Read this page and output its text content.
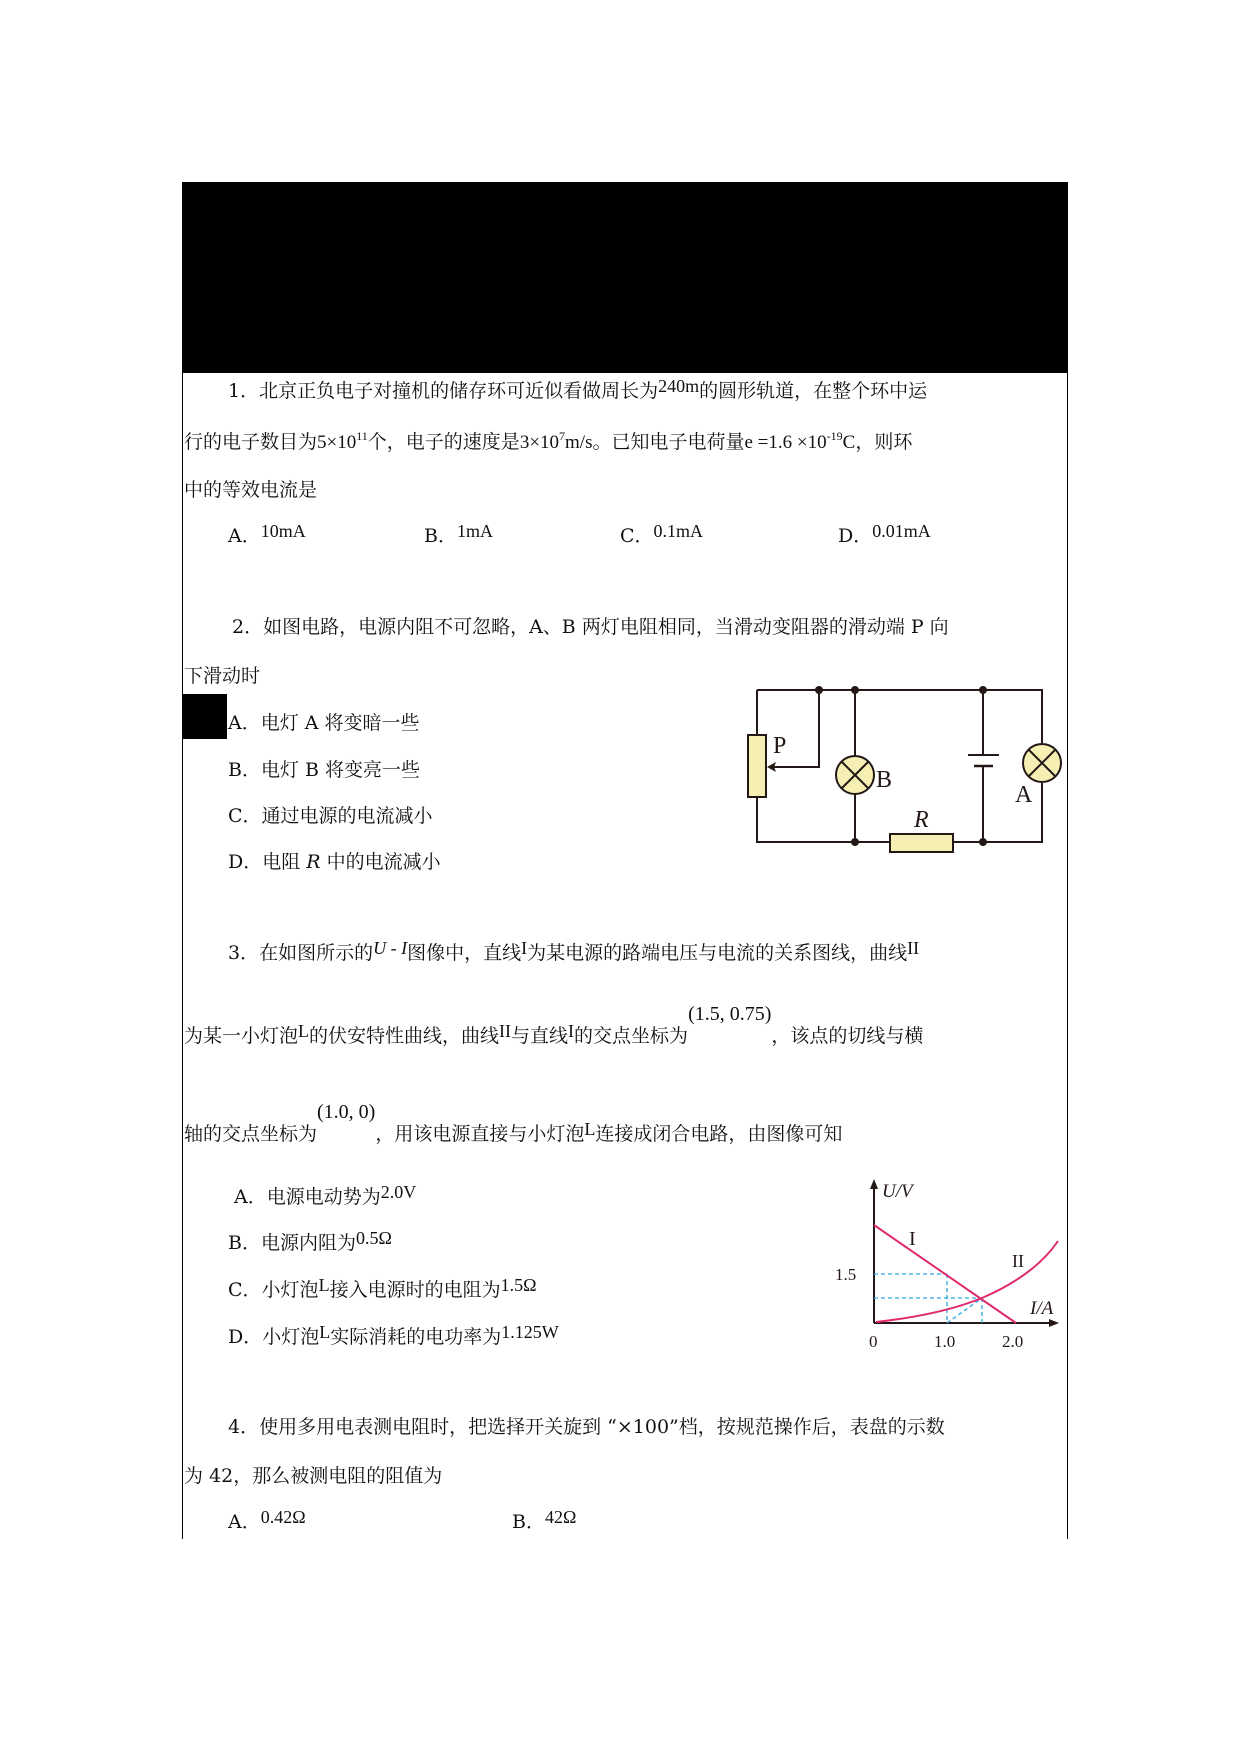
1．北京正负电子对撞机的储存环可近似看做周长为240m的圆形轨道，在整个环中运
行的电子数目为$5\times 10^{11}$个，电子的速度是$3\times 10^7m/s$。已知电子电荷量$e =1.6 \times 10^{-19}C$，则环
中的等效电流是
A．10mA	B．1mA	C．0.1mA	D．0.01mA
2．如图电路，电源内阻不可忽略，A、B 两灯电阻相同，当滑动变阻器的滑动端 P 向
下滑动时
A．电灯 A 将变暗一些
B．电灯 B 将变亮一些
C．通过电源的电流减小
D．电阻 R 中的电流减小
P
B
A
R
3．在如图所示的U - I图像中，直线I为某电源的路端电压与电流的关系图线，曲线II
为某一小灯泡L的伏安特性曲线，曲线II与直线I的交点坐标为(1.5, 0.75)，该点的切线与横
轴的交点坐标为(1.0, 0)，用该电源直接与小灯泡L连接成闭合电路，由图像可知
A．电源电动势为2.0V
B．电源内阻为0.5Ω
C．小灯泡L接入电源时的电阻为1.5Ω
D．小灯泡L实际消耗的电功率为1.125W
U/V
I
II
1.5
I/A
0	1.0	2.0
4．使用多用电表测电阻时，把选择开关旋到 “×100”档，按规范操作后，表盘的示数
为 42，那么被测电阻的阻值为
A．0.42Ω	B．42Ω
